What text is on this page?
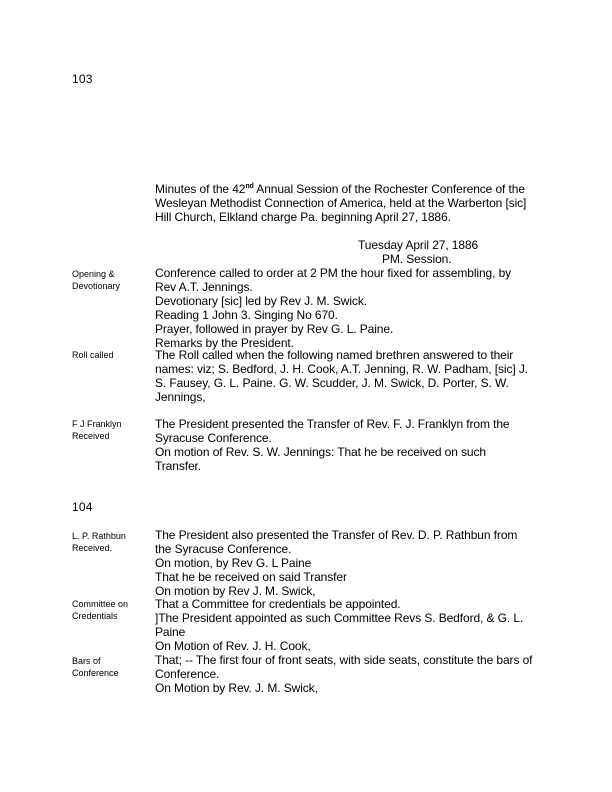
103
Minutes of the 42nd Annual Session of the Rochester Conference of the
Wesleyan Methodist Connection of America, held at the Warberton [sic]
Hill Church, Elkland charge Pa. beginning April 27, 1886.
Tuesday April 27, 1886
PM. Session.
Opening &
Devotionary
Conference called to order at 2 PM the hour fixed for assembling, by
Rev A.T. Jennings.
Devotionary [sic] led by Rev J. M. Swick.
Reading 1 John 3. Singing No 670.
Prayer, followed in prayer by Rev G. L. Paine.
Remarks by the President.
Roll called	The Roll called when the following named brethren answered to their
names: viz; S. Bedford, J. H. Cook, A.T. Jenning, R. W. Padham, [sic] J.
S. Fausey, G. L. Paine. G. W. Scudder, J. M. Swick, D. Porter, S. W.
Jennings,
F J Franklyn
Received
The President presented the Transfer of Rev. F. J. Franklyn from the
Syracuse Conference.
On motion of Rev. S. W. Jennings: That he be received on such
Transfer.
104
L. P. Rathbun
Received.
The President also presented the Transfer of Rev. D. P. Rathbun from
the Syracuse Conference.
On motion, by Rev G. L Paine
That he be received on said Transfer
On motion by Rev J. M. Swick,
Committee on
Credentials
That a Committee for credentials be appointed.
]The President appointed as such Committee Revs S. Bedford, & G. L.
Paine
On Motion of Rev. J. H. Cook,
Bars of
Conference
That; -- The first four of front seats, with side seats, constitute the bars of
Conference.
On Motion by Rev. J. M. Swick,
